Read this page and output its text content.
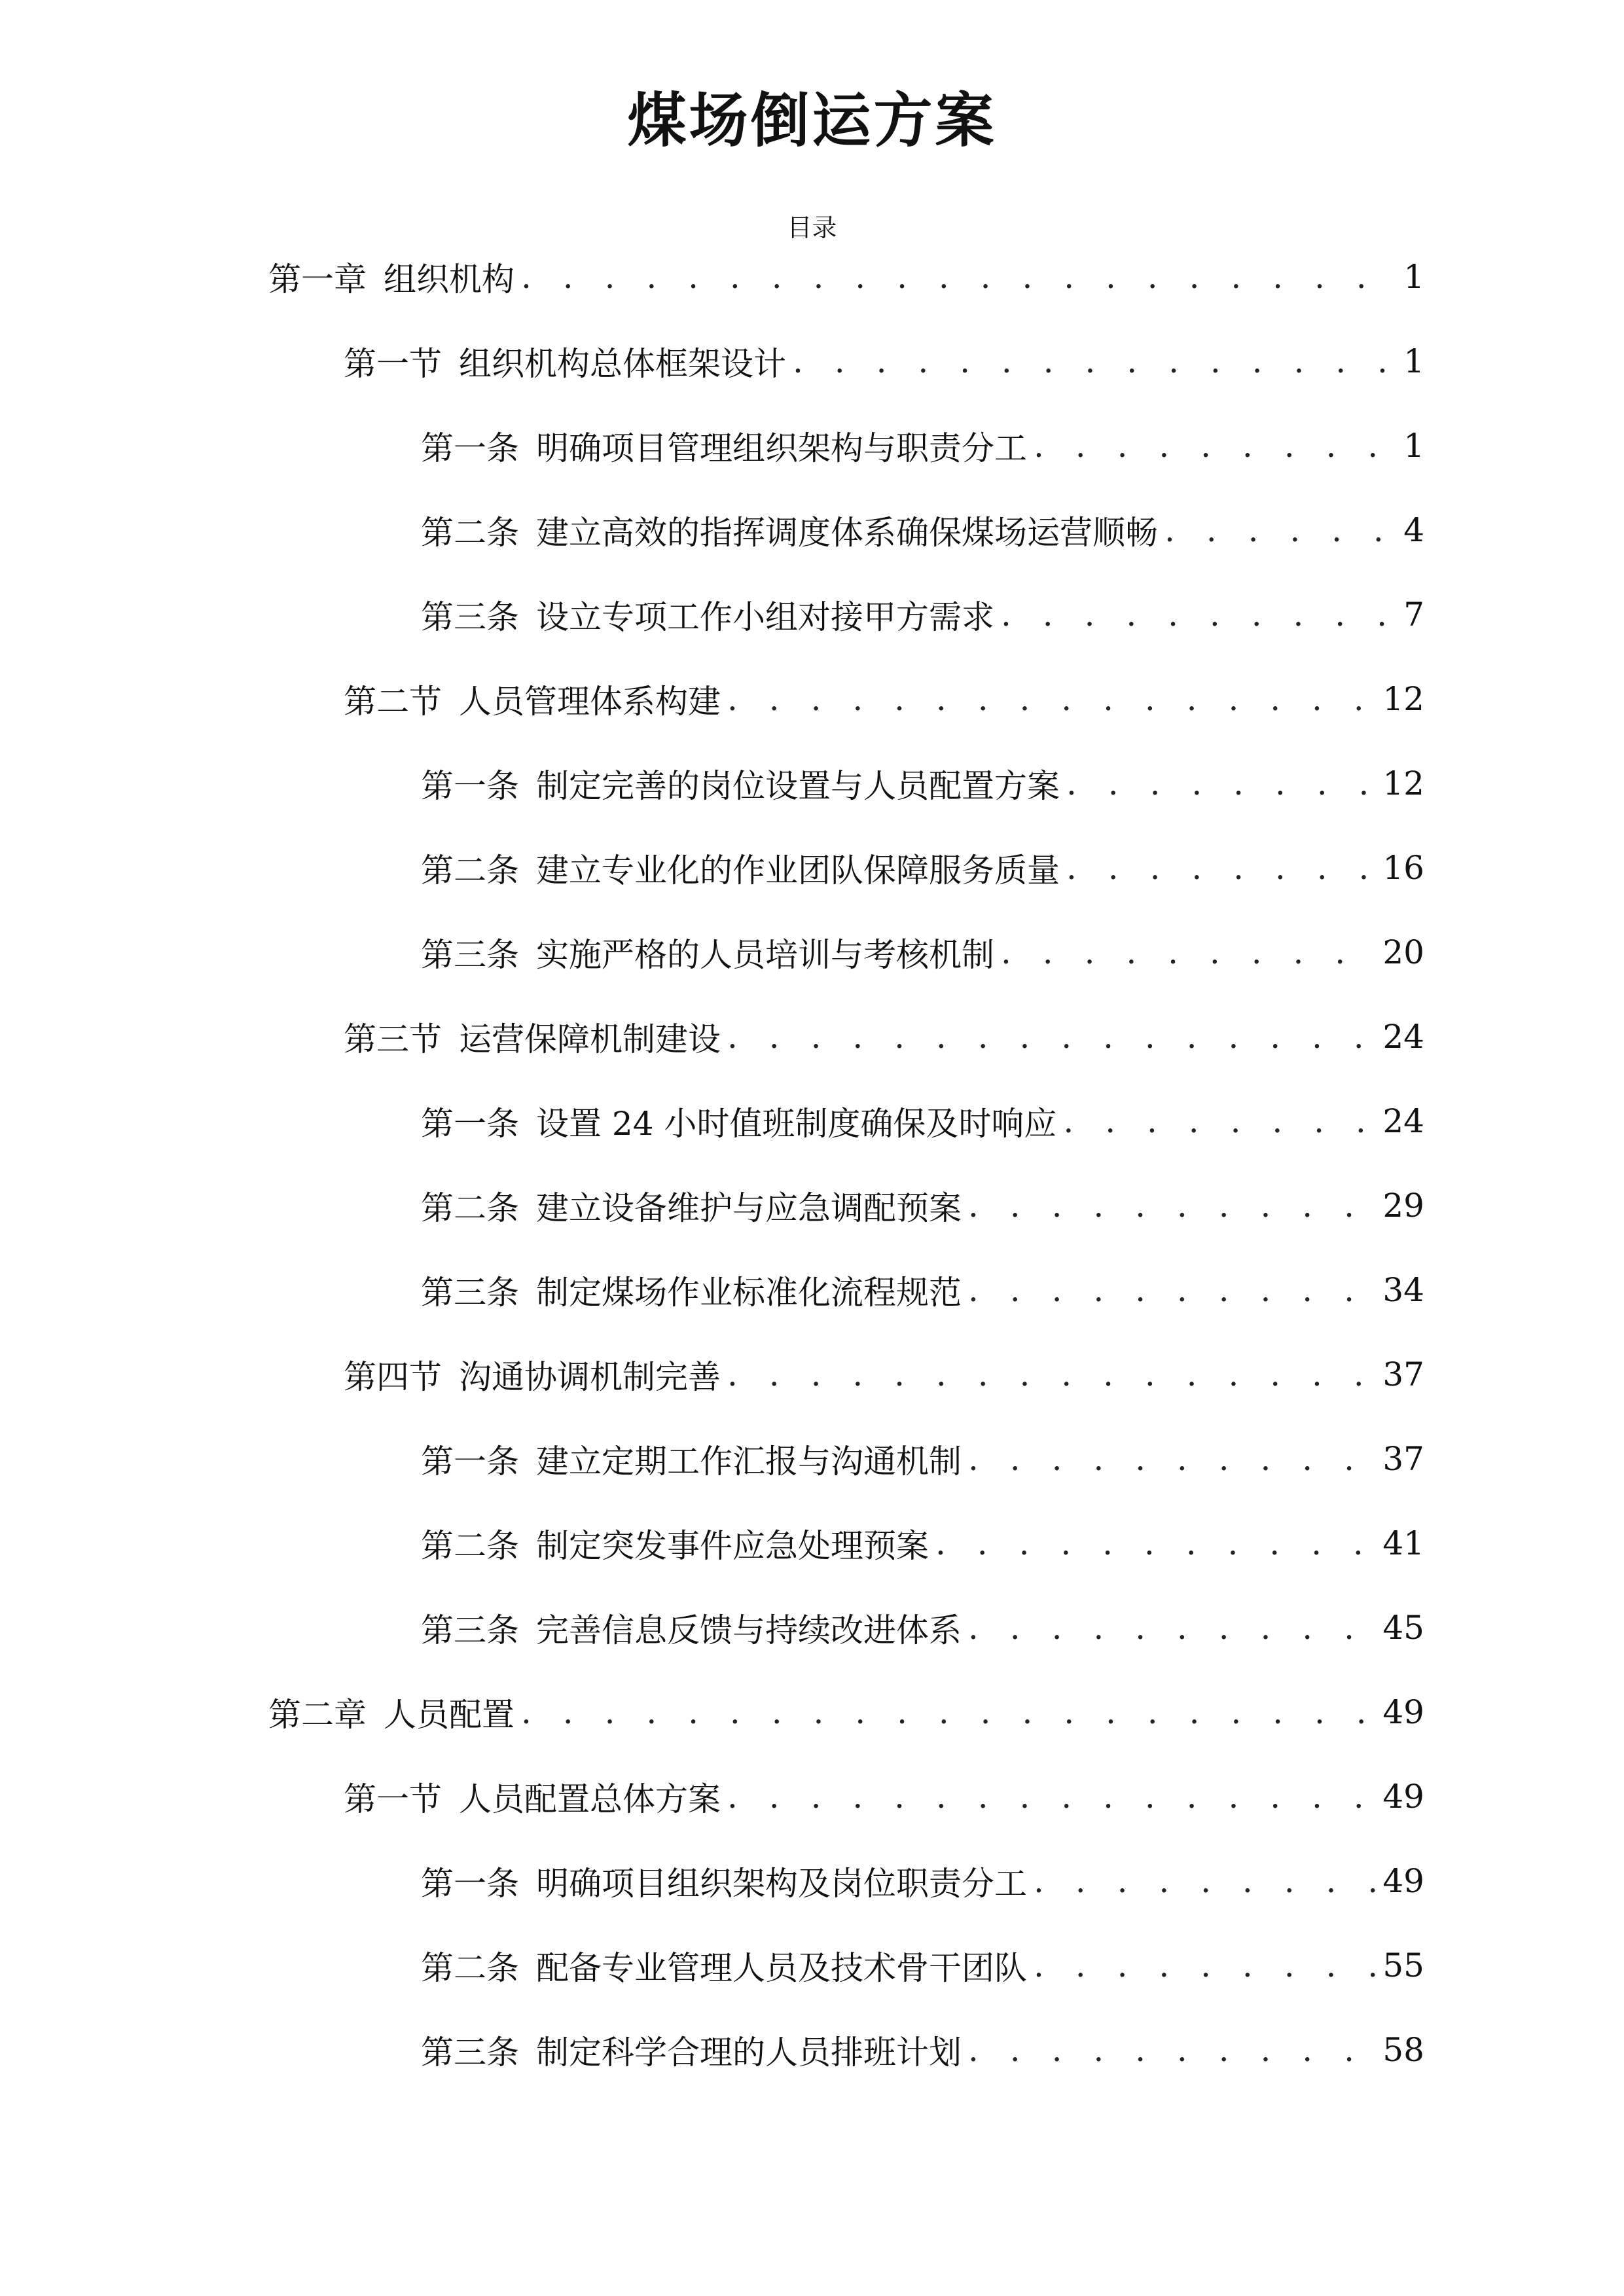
煤场倒运方案
目录
第一章 组织机构 . . .	1
第一节 组织机构总体框架设计 . . .	1
第一条 明确项目管理组织架构与职责分工 . . .	1
第二条 建立高效的指挥调度体系确保煤场运营顺畅 . . .	4
第三条 设立专项工作小组对接甲方需求 . . .	7
第二节 人员管理体系构建 . . .	12
第一条 制定完善的岗位设置与人员配置方案 . . .	12
第二条 建立专业化的作业团队保障服务质量 . . .	16
第三条 实施严格的人员培训与考核机制 . . .	20
第三节 运营保障机制建设 . . .	24
第一条 设置 24 小时值班制度确保及时响应 . . .	24
第二条 建立设备维护与应急调配预案 . . .	29
第三条 制定煤场作业标准化流程规范 . . .	34
第四节 沟通协调机制完善 . . .	37
第一条 建立定期工作汇报与沟通机制 . . .	37
第二条 制定突发事件应急处理预案 . . .	41
第三条 完善信息反馈与持续改进体系 . . .	45
第二章 人员配置 . . .	49
第一节 人员配置总体方案 . . .	49
第一条 明确项目组织架构及岗位职责分工 . . .	49
第二条 配备专业管理人员及技术骨干团队 . . .	55
第三条 制定科学合理的人员排班计划 . . .	58
